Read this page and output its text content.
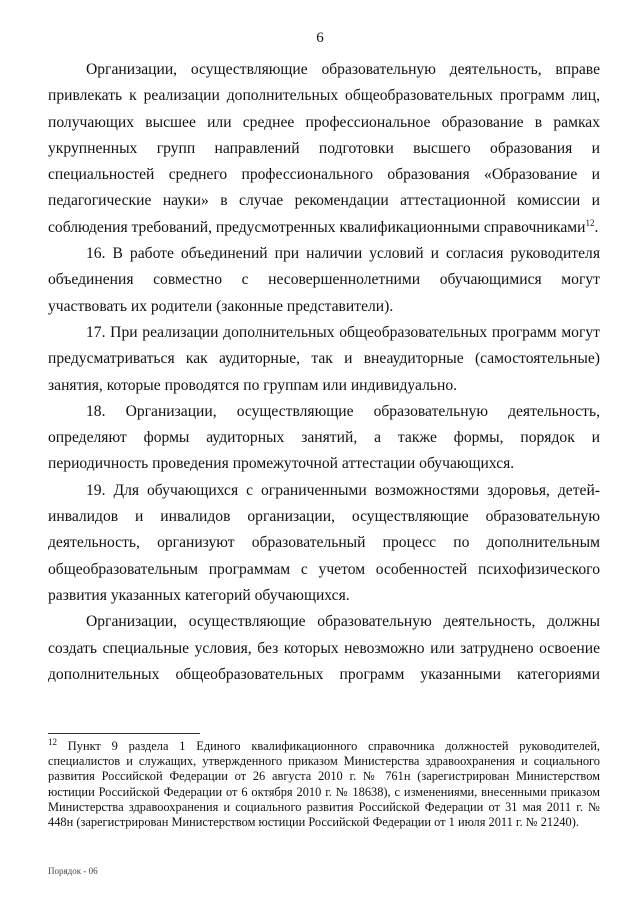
6

Организации, осуществляющие образовательную деятельность, вправе привлекать к реализации дополнительных общеобразовательных программ лиц, получающих высшее или среднее профессиональное образование в рамках укрупненных групп направлений подготовки высшего образования и специальностей среднего профессионального образования «Образование и педагогические науки» в случае рекомендации аттестационной комиссии и соблюдения требований, предусмотренных квалификационными справочниками$^{12}$.

16. В работе объединений при наличии условий и согласия руководителя объединения совместно с несовершеннолетними обучающимися могут участвовать их родители (законные представители).

17. При реализации дополнительных общеобразовательных программ могут предусматриваться как аудиторные, так и внеаудиторные (самостоятельные) занятия, которые проводятся по группам или индивидуально.

18. Организации, осуществляющие образовательную деятельность, определяют формы аудиторных занятий, а также формы, порядок и периодичность проведения промежуточной аттестации обучающихся.

19. Для обучающихся с ограниченными возможностями здоровья, детей-инвалидов и инвалидов организации, осуществляющие образовательную деятельность, организуют образовательный процесс по дополнительным общеобразовательным программам с учетом особенностей психофизического развития указанных категорий обучающихся.

Организации, осуществляющие образовательную деятельность, должны создать специальные условия, без которых невозможно или затруднено освоение дополнительных общеобразовательных программ указанными категориями

$^{12}$ Пункт 9 раздела 1 Единого квалификационного справочника должностей руководителей, специалистов и служащих, утвержденного приказом Министерства здравоохранения и социального развития Российской Федерации от 26 августа 2010 г. № 761н (зарегистрирован Министерством юстиции Российской Федерации от 6 октября 2010 г. № 18638), с изменениями, внесенными приказом Министерства здравоохранения и социального развития Российской Федерации от 31 мая 2011 г. № 448н (зарегистрирован Министерством юстиции Российской Федерации от 1 июля 2011 г. № 21240).
Порядок - 06
